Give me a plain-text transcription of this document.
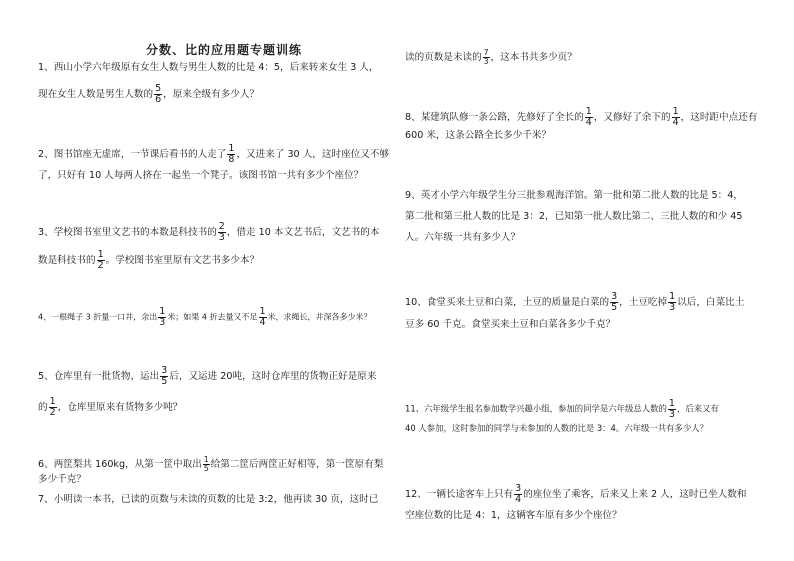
分数、比的应用题专题训练
1、西山小学六年级原有女生人数与男生人数的比是 4：5，后来转来女生 3 人，
现在女生人数是男生人数的 $\frac{5}{6}$ ，原来全级有多少人？
2、图书馆座无虚席，一节课后看书的人走了 $\frac{1}{8}$ ，又进来了 30 人，这时座位又不够
了，只好有 10 人每两人挤在一起坐一个凳子。该图书馆一共有多少个座位？
3、学校图书室里文艺书的本数是科技书的 $\frac{2}{3}$ ，借走 10 本文艺书后，文艺书的本
数是科技书的 $\frac{1}{2}$ 。学校图书室里原有文艺书多少本？
4、一根绳子 3 折量一口井，余出 $\frac{1}{3}$ 米；如果 4 折去量又不足 $\frac{1}{4}$ 米，求绳长，井深各多少米？
5、仓库里有一批货物，运出 $\frac{3}{5}$ 后，又运进 20吨，这时仓库里的货物正好是原来
的 $\frac{1}{2}$ ，仓库里原来有货物多少吨？
6、两筐梨共 160kg，从第一筐中取出 $\frac{1}{5}$ 给第二筐后两筐正好相等，第一筐原有梨
多少千克？
7、小明读一本书，已读的页数与未读的页数的比是 3:2，他再读 30 页，这时已
读的页数是未读的 $\frac{7}{3}$ ，这本书共多少页？
8、某建筑队修一条公路，先修好了全长的 $\frac{1}{4}$ ，又修好了余下的 $\frac{1}{4}$ ，这时距中点还有
600 米，这条公路全长多少千米？
9、英才小学六年级学生分三批参观海洋馆。第一批和第二批人数的比是 5：4，
第二批和第三批人数的比是 3：2，已知第一批人数比第二、三批人数的和少 45
人。六年级一共有多少人？
10、食堂买来土豆和白菜，土豆的质量是白菜的 $\frac{3}{5}$ ，土豆吃掉 $\frac{1}{3}$ 以后，白菜比土
豆多 60 千克。食堂买来土豆和白菜各多少千克？
11、六年级学生报名参加数学兴趣小组，参加的同学是六年级总人数的 $\frac{1}{3}$ ，后来又有
40 人参加，这时参加的同学与未参加的人数的比是 3：4。六年级一共有多少人？
12、一辆长途客车上只有 $\frac{3}{4}$ 的座位坐了乘客，后来又上来 2 人，这时已坐人数和
空座位数的比是 4：1，这辆客车原有多少个座位？
